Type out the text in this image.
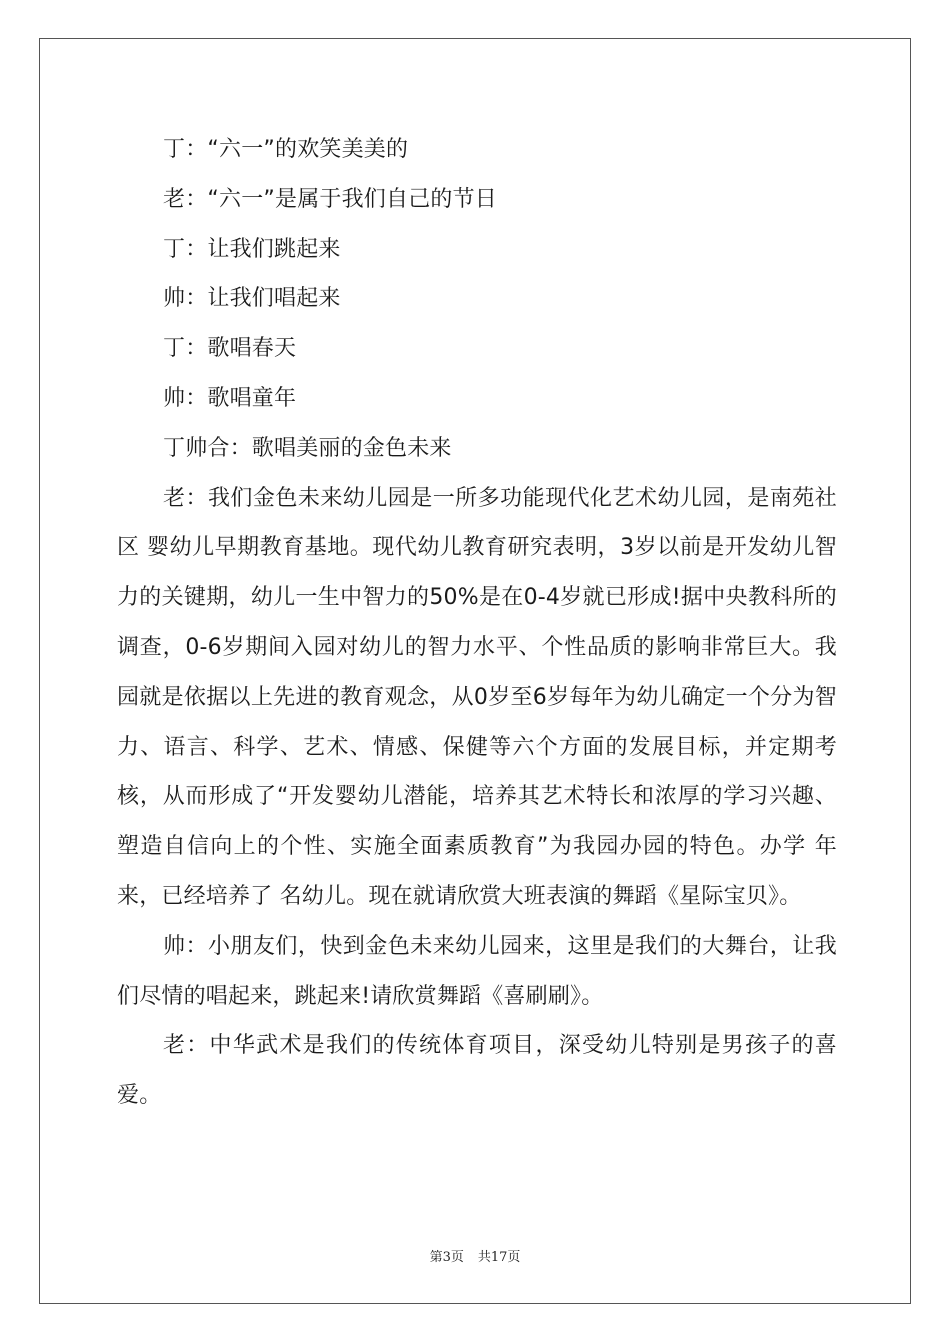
丁：“六一”的欢笑美美的
老：“六一”是属于我们自己的节日
丁：让我们跳起来
帅：让我们唱起来
丁：歌唱春天
帅：歌唱童年
丁帅合：歌唱美丽的金色未来

老：我们金色未来幼儿园是一所多功能现代化艺术幼儿园，是南苑社区 婴幼儿早期教育基地。现代幼儿教育研究表明，3岁以前是开发幼儿智力的关键期，幼儿一生中智力的50%是在0-4岁就已形成!据中央教科所的调查，0-6岁期间入园对幼儿的智力水平、个性品质的影响非常巨大。我园就是依据以上先进的教育观念，从0岁至6岁每年为幼儿确定一个分为智力、语言、科学、艺术、情感、保健等六个方面的发展目标，并定期考核，从而形成了“开发婴幼儿潜能，培养其艺术特长和浓厚的学习兴趣、塑造自信向上的个性、实施全面素质教育”为我园办园的特色。办学 年来，已经培养了 名幼儿。现在就请欣赏大班表演的舞蹈《星际宝贝》。

帅：小朋友们，快到金色未来幼儿园来，这里是我们的大舞台，让我们尽情的唱起来，跳起来!请欣赏舞蹈《喜刷刷》。

老：中华武术是我们的传统体育项目，深受幼儿特别是男孩子的喜爱。

第3页 共17页
